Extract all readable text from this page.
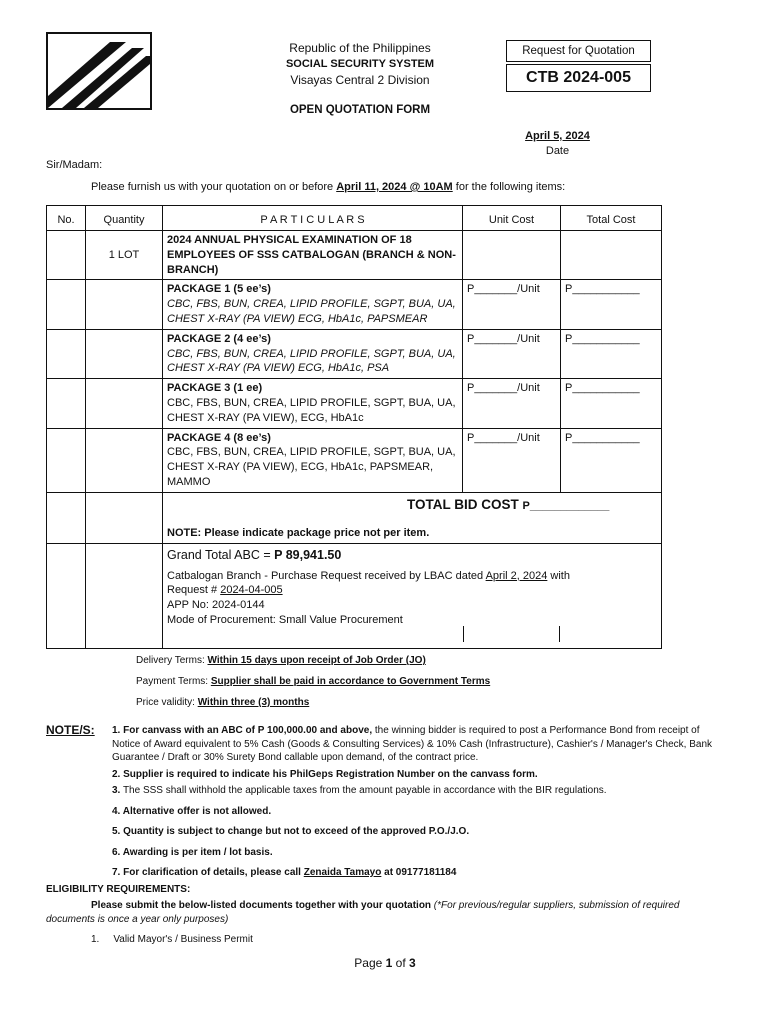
Republic of the Philippines
SOCIAL SECURITY SYSTEM
Visayas Central 2 Division
Request for Quotation
CTB 2024-005
OPEN QUOTATION FORM
April 5, 2024
Date
Sir/Madam:
Please furnish us with your quotation on or before April 11, 2024 @ 10AM for the following items:
No.	Quantity	P A R T I C U L A R S	Unit Cost	Total Cost
	1 LOT	2024 ANNUAL PHYSICAL EXAMINATION OF 18 EMPLOYEES OF SSS CATBALOGAN (BRANCH & NON-BRANCH)		

		PACKAGE 1 (5 ee’s)
CBC, FBS, BUN, CREA, LIPID PROFILE, SGPT, BUA, UA, CHEST X-RAY (PA VIEW) ECG, HbA1c, PAPSMEAR	P_______/Unit	P___________

		PACKAGE 2 (4 ee’s)
CBC, FBS, BUN, CREA, LIPID PROFILE, SGPT, BUA, UA, CHEST X-RAY (PA VIEW) ECG, HbA1c, PSA	P_______/Unit	P___________

		PACKAGE 3 (1 ee)
CBC, FBS, BUN, CREA, LIPID PROFILE, SGPT, BUA, UA, CHEST X-RAY (PA VIEW), ECG, HbA1c	P_______/Unit	P___________

		PACKAGE 4 (8 ee’s)
CBC, FBS, BUN, CREA, LIPID PROFILE, SGPT, BUA, UA, CHEST X-RAY (PA VIEW), ECG, HbA1c, PAPSMEAR, MAMMO	P_______/Unit	P___________

		TOTAL BID COST P_____________
NOTE: Please indicate package price not per item.		

		Grand Total ABC = P 89,941.50
Catbalogan Branch - Purchase Request received by LBAC dated April 2, 2024 with
Request # 2024-04-005
APP No: 2024-0144
Mode of Procurement: Small Value Procurement		
Delivery Terms: Within 15 days upon receipt of Job Order (JO)
Payment Terms: Supplier shall be paid in accordance to Government Terms
Price validity: Within three (3) months
NOTE/S: 1. For canvass with an ABC of P 100,000.00 and above, the winning bidder is required to post a Performance Bond from receipt of Notice of Award equivalent to 5% Cash (Goods & Consulting Services) & 10% Cash (Infrastructure), Cashier's / Manager's Check, Bank Guarantee / Draft or 30% Surety Bond callable upon demand, of the contract price.

2. Supplier is required to indicate his PhilGeps Registration Number on the canvass form.

3. The SSS shall withhold the applicable taxes from the amount payable in accordance with the BIR regulations.

4. Alternative offer is not allowed.

5. Quantity is subject to change but not to exceed of the approved P.O./J.O.

6. Awarding is per item / lot basis.

7. For clarification of details, please call Zenaida Tamayo at 09177181184

ELIGIBILITY REQUIREMENTS:
Please submit the below-listed documents together with your quotation (*For previous/regular suppliers, submission of required documents is once a year only purposes)
1. Valid Mayor's / Business Permit
Page 1 of 3
